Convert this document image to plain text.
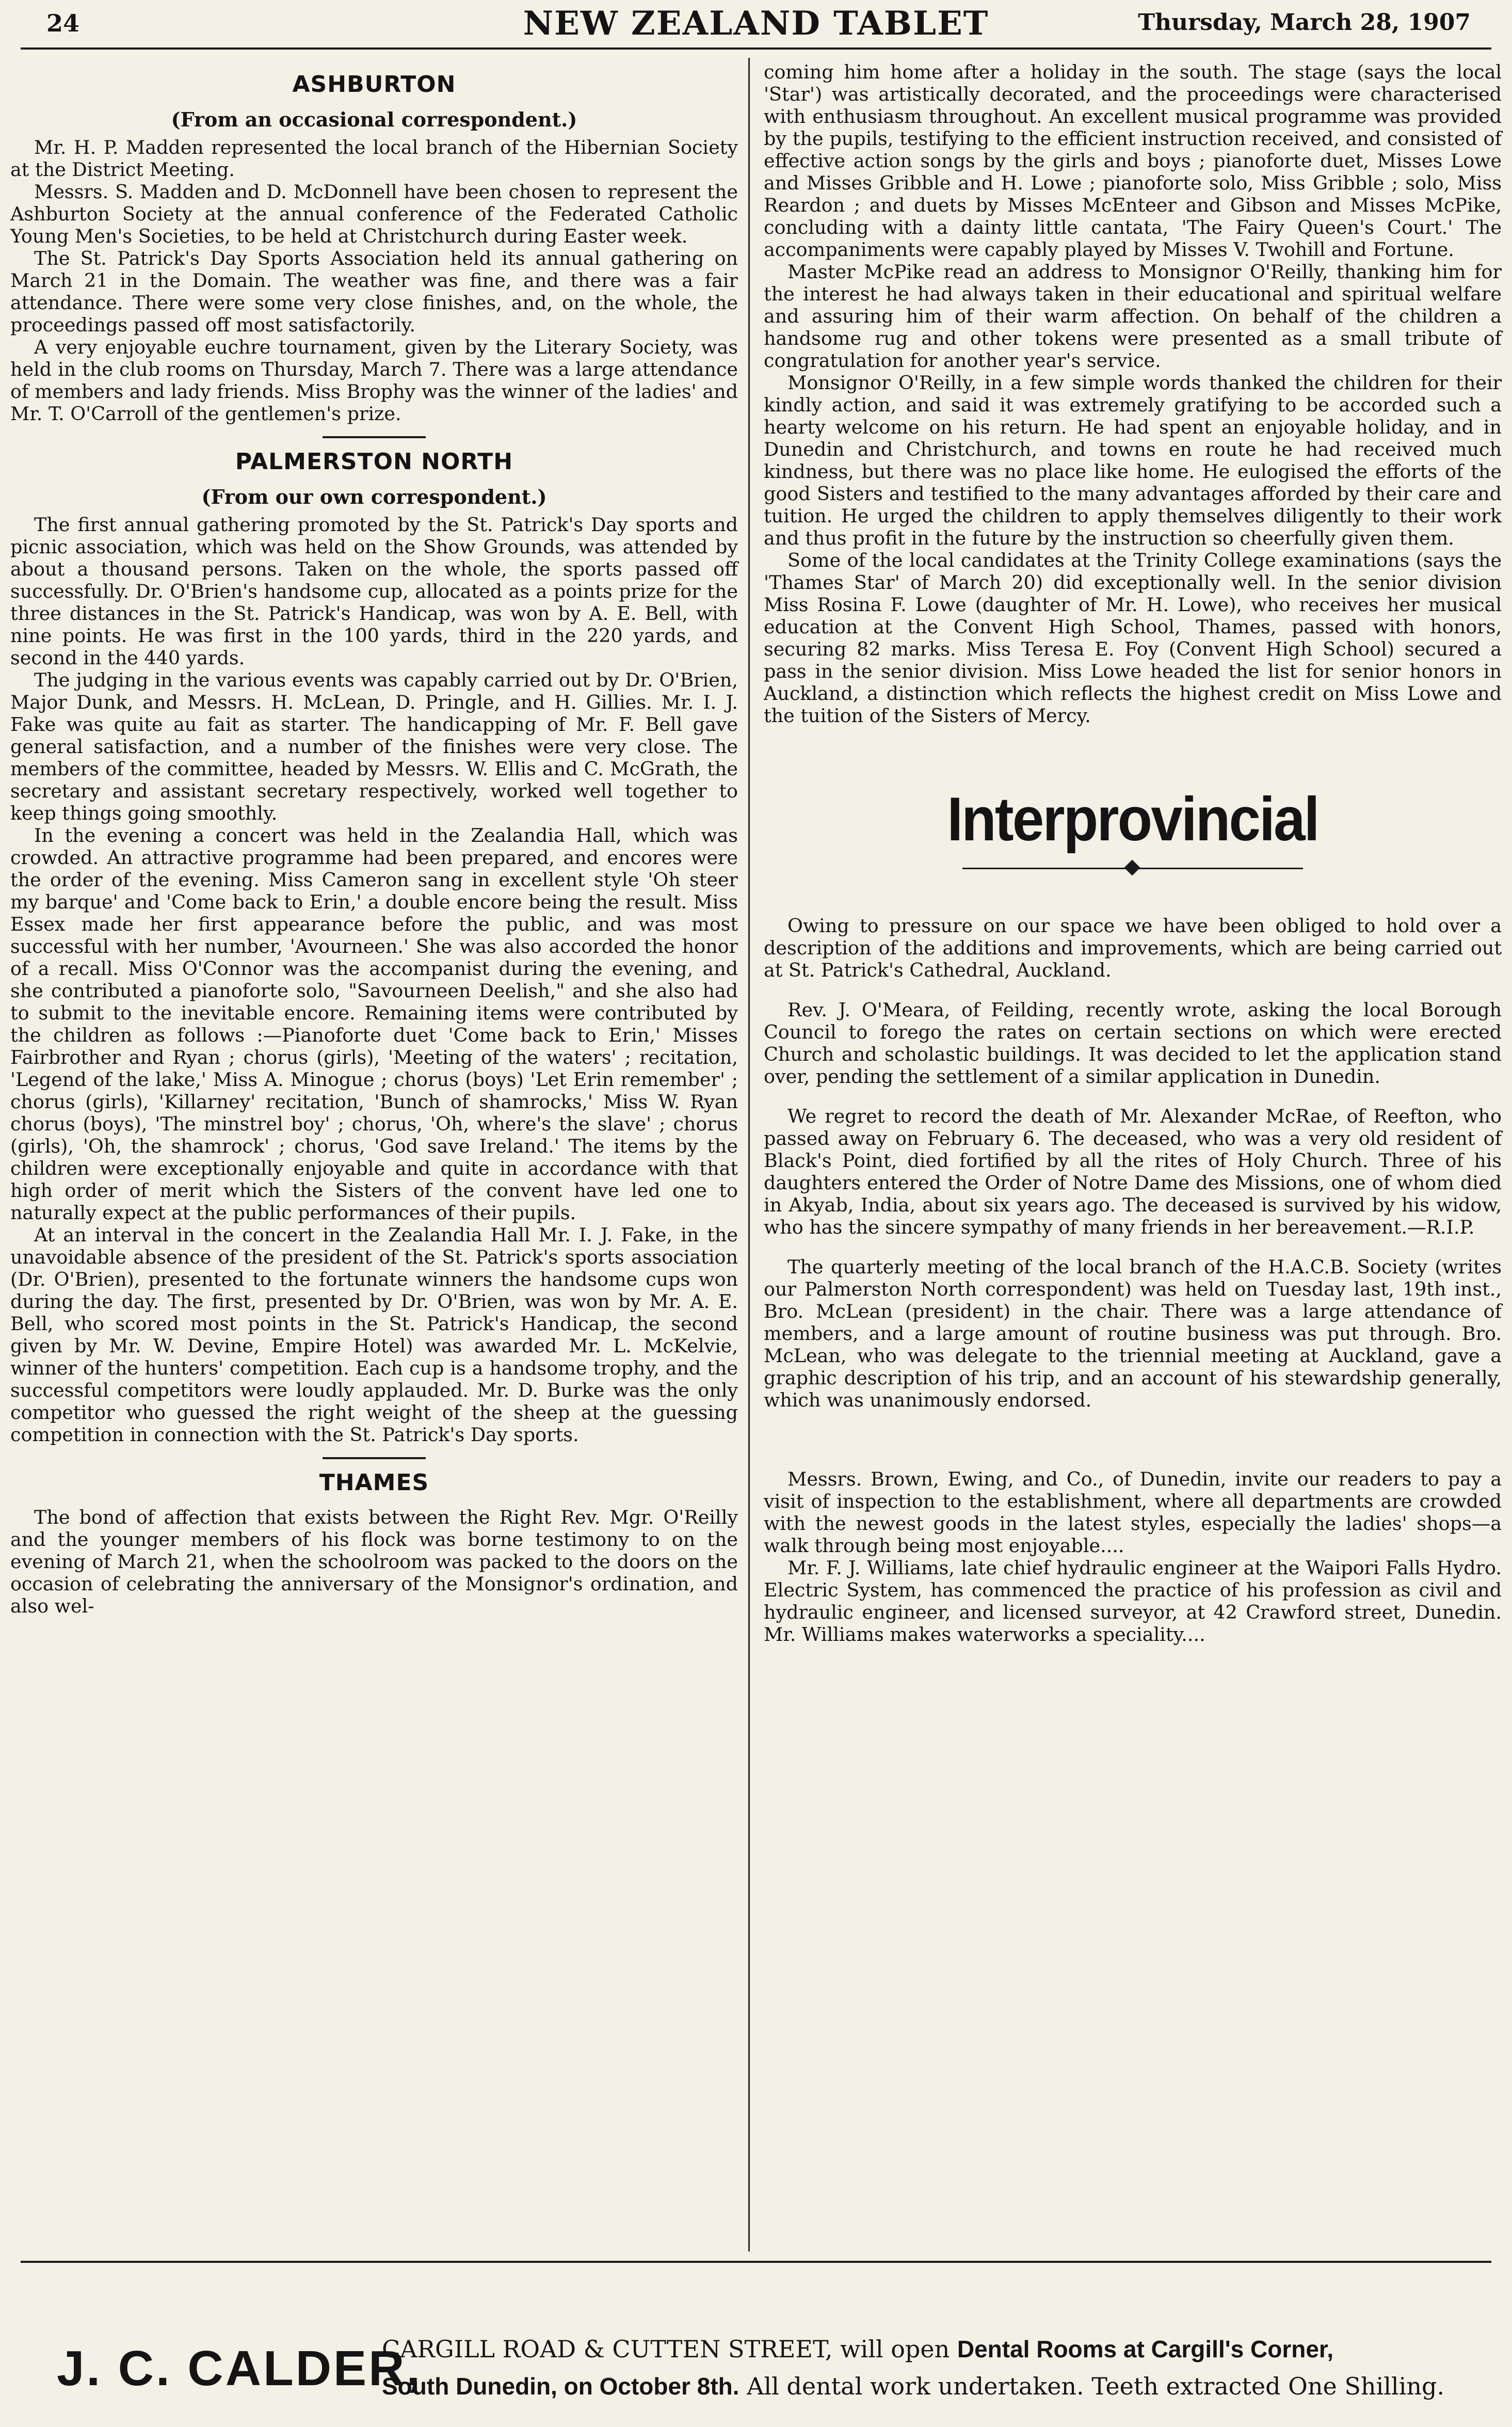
24	NEW ZEALAND TABLET	Thursday, March 28, 1907
ASHBURTON
(From an occasional correspondent.)

Mr. H. P. Madden represented the local branch of the Hibernian Society at the District Meeting.

Messrs. S. Madden and D. McDonnell have been chosen to represent the Ashburton Society at the annual conference of the Federated Catholic Young Men's Societies, to be held at Christchurch during Easter week.

The St. Patrick's Day Sports Association held its annual gathering on March 21 in the Domain. The weather was fine, and there was a fair attendance. There were some very close finishes, and, on the whole, the proceedings passed off most satisfactorily.

A very enjoyable euchre tournament, given by the Literary Society, was held in the club rooms on Thursday, March 7. There was a large attendance of members and lady friends. Miss Brophy was the winner of the ladies' and Mr. T. O'Carroll of the gentlemen's prize.

PALMERSTON NORTH
(From our own correspondent.)

The first annual gathering promoted by the St. Patrick's Day sports and picnic association, which was held on the Show Grounds, was attended by about a thousand persons. Taken on the whole, the sports passed off successfully. Dr. O'Brien's handsome cup, allocated as a points prize for the three distances in the St. Patrick's Handicap, was won by A. E. Bell, with nine points. He was first in the 100 yards, third in the 220 yards, and second in the 440 yards.

The judging in the various events was capably carried out by Dr. O'Brien, Major Dunk, and Messrs. H. McLean, D. Pringle, and H. Gillies. Mr. I. J. Fake was quite au fait as starter. The handicapping of Mr. F. Bell gave general satisfaction, and a number of the finishes were very close. The members of the committee, headed by Messrs. W. Ellis and C. McGrath, the secretary and assistant secretary respectively, worked well together to keep things going smoothly.

In the evening a concert was held in the Zealandia Hall, which was crowded. An attractive programme had been prepared, and encores were the order of the evening. Miss Cameron sang in excellent style 'Oh steer my barque' and 'Come back to Erin,' a double encore being the result. Miss Essex made her first appearance before the public, and was most successful with her number, 'Avourneen.' She was also accorded the honor of a recall. Miss O'Connor was the accompanist during the evening, and she contributed a pianoforte solo, "Savourneen Deelish," and she also had to submit to the inevitable encore. Remaining items were contributed by the children as follows :—Pianoforte duet 'Come back to Erin,' Misses Fairbrother and Ryan ; chorus (girls), 'Meeting of the waters' ; recitation, 'Legend of the lake,' Miss A. Minogue ; chorus (boys) 'Let Erin remember' ; chorus (girls), 'Killarney' recitation, 'Bunch of shamrocks,' Miss W. Ryan chorus (boys), 'The minstrel boy' ; chorus, 'Oh, where's the slave' ; chorus (girls), 'Oh, the shamrock' ; chorus, 'God save Ireland.' The items by the children were exceptionally enjoyable and quite in accordance with that high order of merit which the Sisters of the convent have led one to naturally expect at the public performances of their pupils.

At an interval in the concert in the Zealandia Hall Mr. I. J. Fake, in the unavoidable absence of the president of the St. Patrick's sports association (Dr. O'Brien), presented to the fortunate winners the handsome cups won during the day. The first, presented by Dr. O'Brien, was won by Mr. A. E. Bell, who scored most points in the St. Patrick's Handicap, the second given by Mr. W. Devine, Empire Hotel) was awarded Mr. L. McKelvie, winner of the hunters' competition. Each cup is a handsome trophy, and the successful competitors were loudly applauded. Mr. D. Burke was the only competitor who guessed the right weight of the sheep at the guessing competition in connection with the St. Patrick's Day sports.

THAMES

The bond of affection that exists between the Right Rev. Mgr. O'Reilly and the younger members of his flock was borne testimony to on the evening of March 21, when the schoolroom was packed to the doors on the occasion of celebrating the anniversary of the Monsignor's ordination, and also wel-

coming him home after a holiday in the south. The stage (says the local 'Star') was artistically decorated, and the proceedings were characterised with enthusiasm throughout. An excellent musical programme was provided by the pupils, testifying to the efficient instruction received, and consisted of effective action songs by the girls and boys ; pianoforte duet, Misses Lowe and Misses Gribble and H. Lowe ; pianoforte solo, Miss Gribble ; solo, Miss Reardon ; and duets by Misses McEnteer and Gibson and Misses McPike, concluding with a dainty little cantata, 'The Fairy Queen's Court.' The accompaniments were capably played by Misses V. Twohill and Fortune.

Master McPike read an address to Monsignor O'Reilly, thanking him for the interest he had always taken in their educational and spiritual welfare and assuring him of their warm affection. On behalf of the children a handsome rug and other tokens were presented as a small tribute of congratulation for another year's service.

Monsignor O'Reilly, in a few simple words thanked the children for their kindly action, and said it was extremely gratifying to be accorded such a hearty welcome on his return. He had spent an enjoyable holiday, and in Dunedin and Christchurch, and towns en route he had received much kindness, but there was no place like home. He eulogised the efforts of the good Sisters and testified to the many advantages afforded by their care and tuition. He urged the children to apply themselves diligently to their work and thus profit in the future by the instruction so cheerfully given them.

Some of the local candidates at the Trinity College examinations (says the 'Thames Star' of March 20) did exceptionally well. In the senior division Miss Rosina F. Lowe (daughter of Mr. H. Lowe), who receives her musical education at the Convent High School, Thames, passed with honors, securing 82 marks. Miss Teresa E. Foy (Convent High School) secured a pass in the senior division. Miss Lowe headed the list for senior honors in Auckland, a distinction which reflects the highest credit on Miss Lowe and the tuition of the Sisters of Mercy.

Interprovincial

Owing to pressure on our space we have been obliged to hold over a description of the additions and improvements, which are being carried out at St. Patrick's Cathedral, Auckland.

Rev. J. O'Meara, of Feilding, recently wrote, asking the local Borough Council to forego the rates on certain sections on which were erected Church and scholastic buildings. It was decided to let the application stand over, pending the settlement of a similar application in Dunedin.

We regret to record the death of Mr. Alexander McRae, of Reefton, who passed away on February 6. The deceased, who was a very old resident of Black's Point, died fortified by all the rites of Holy Church. Three of his daughters entered the Order of Notre Dame des Missions, one of whom died in Akyab, India, about six years ago. The deceased is survived by his widow, who has the sincere sympathy of many friends in her bereavement.—R.I.P.

The quarterly meeting of the local branch of the H.A.C.B. Society (writes our Palmerston North correspondent) was held on Tuesday last, 19th inst., Bro. McLean (president) in the chair. There was a large attendance of members, and a large amount of routine business was put through. Bro. McLean, who was delegate to the triennial meeting at Auckland, gave a graphic description of his trip, and an account of his stewardship generally, which was unanimously endorsed.

Messrs. Brown, Ewing, and Co., of Dunedin, invite our readers to pay a visit of inspection to the establishment, where all departments are crowded with the newest goods in the latest styles, especially the ladies' shops—a walk through being most enjoyable....

Mr. F. J. Williams, late chief hydraulic engineer at the Waipori Falls Hydro. Electric System, has commenced the practice of his profession as civil and hydraulic engineer, and licensed surveyor, at 42 Crawford street, Dunedin. Mr. Williams makes waterworks a speciality....

J. C. CALDER,
CARGILL ROAD & CUTTEN STREET, will open Dental Rooms at Cargill's Corner,
South Dunedin, on October 8th. All dental work undertaken. Teeth extracted One Shilling.
